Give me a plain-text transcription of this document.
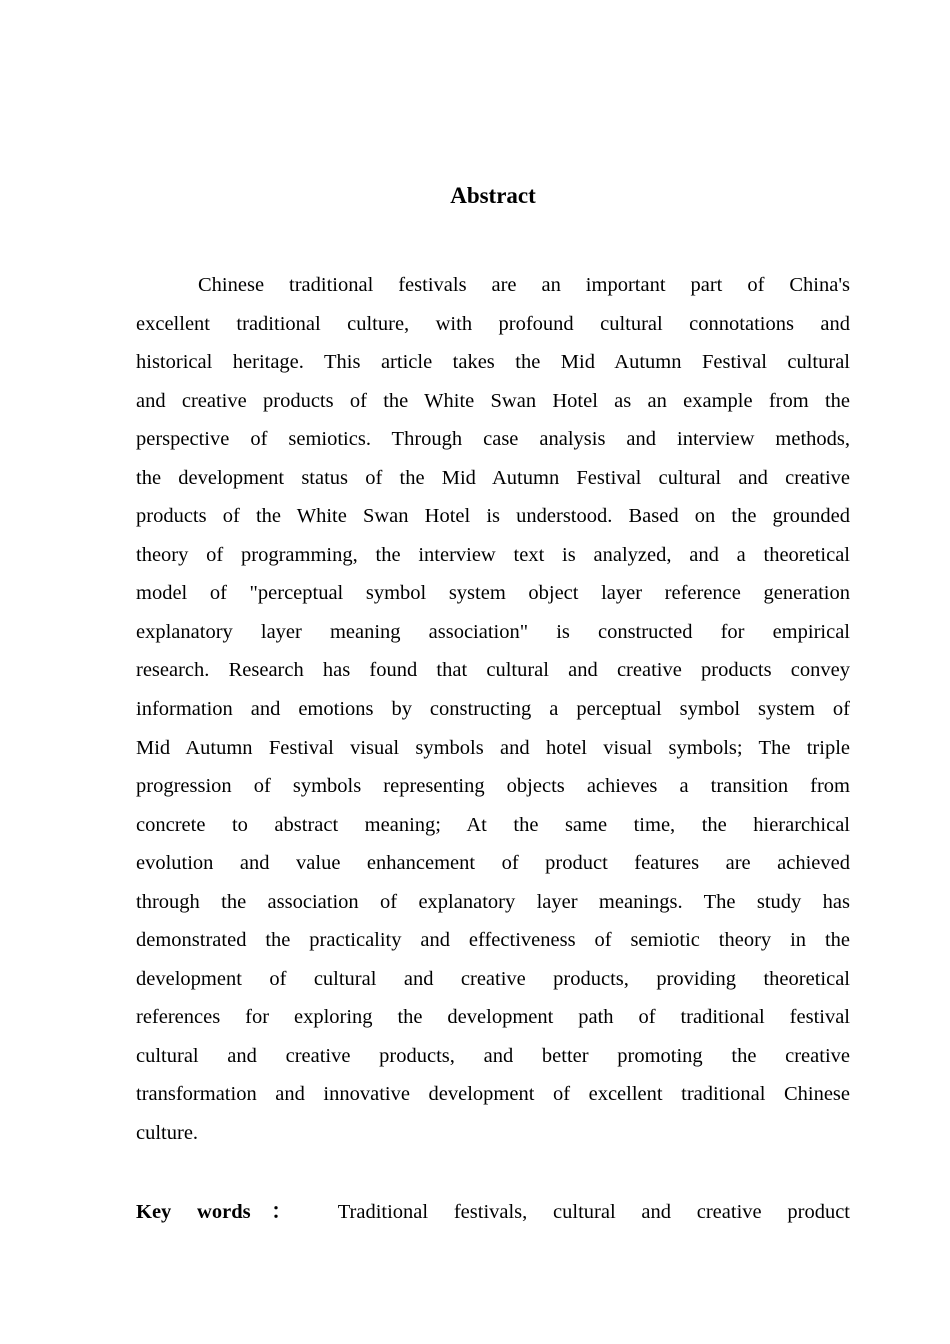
Abstract
Chinese traditional festivals are an important part of China's
excellent traditional culture, with profound cultural connotations and
historical heritage. This article takes the Mid Autumn Festival cultural
and creative products of the White Swan Hotel as an example from the
perspective of semiotics. Through case analysis and interview methods,
the development status of the Mid Autumn Festival cultural and creative
products of the White Swan Hotel is understood. Based on the grounded
theory of programming, the interview text is analyzed, and a theoretical
model of "perceptual symbol system object layer reference generation
explanatory layer meaning association" is constructed for empirical
research. Research has found that cultural and creative products convey
information and emotions by constructing a perceptual symbol system of
Mid Autumn Festival visual symbols and hotel visual symbols; The triple
progression of symbols representing objects achieves a transition from
concrete to abstract meaning; At the same time, the hierarchical
evolution and value enhancement of product features are achieved
through the association of explanatory layer meanings. The study has
demonstrated the practicality and effectiveness of semiotic theory in the
development of cultural and creative products, providing theoretical
references for exploring the development path of traditional festival
cultural and creative products, and better promoting the creative
transformation and innovative development of excellent traditional Chinese
culture.
Key words： Traditional festivals, cultural and creative product
